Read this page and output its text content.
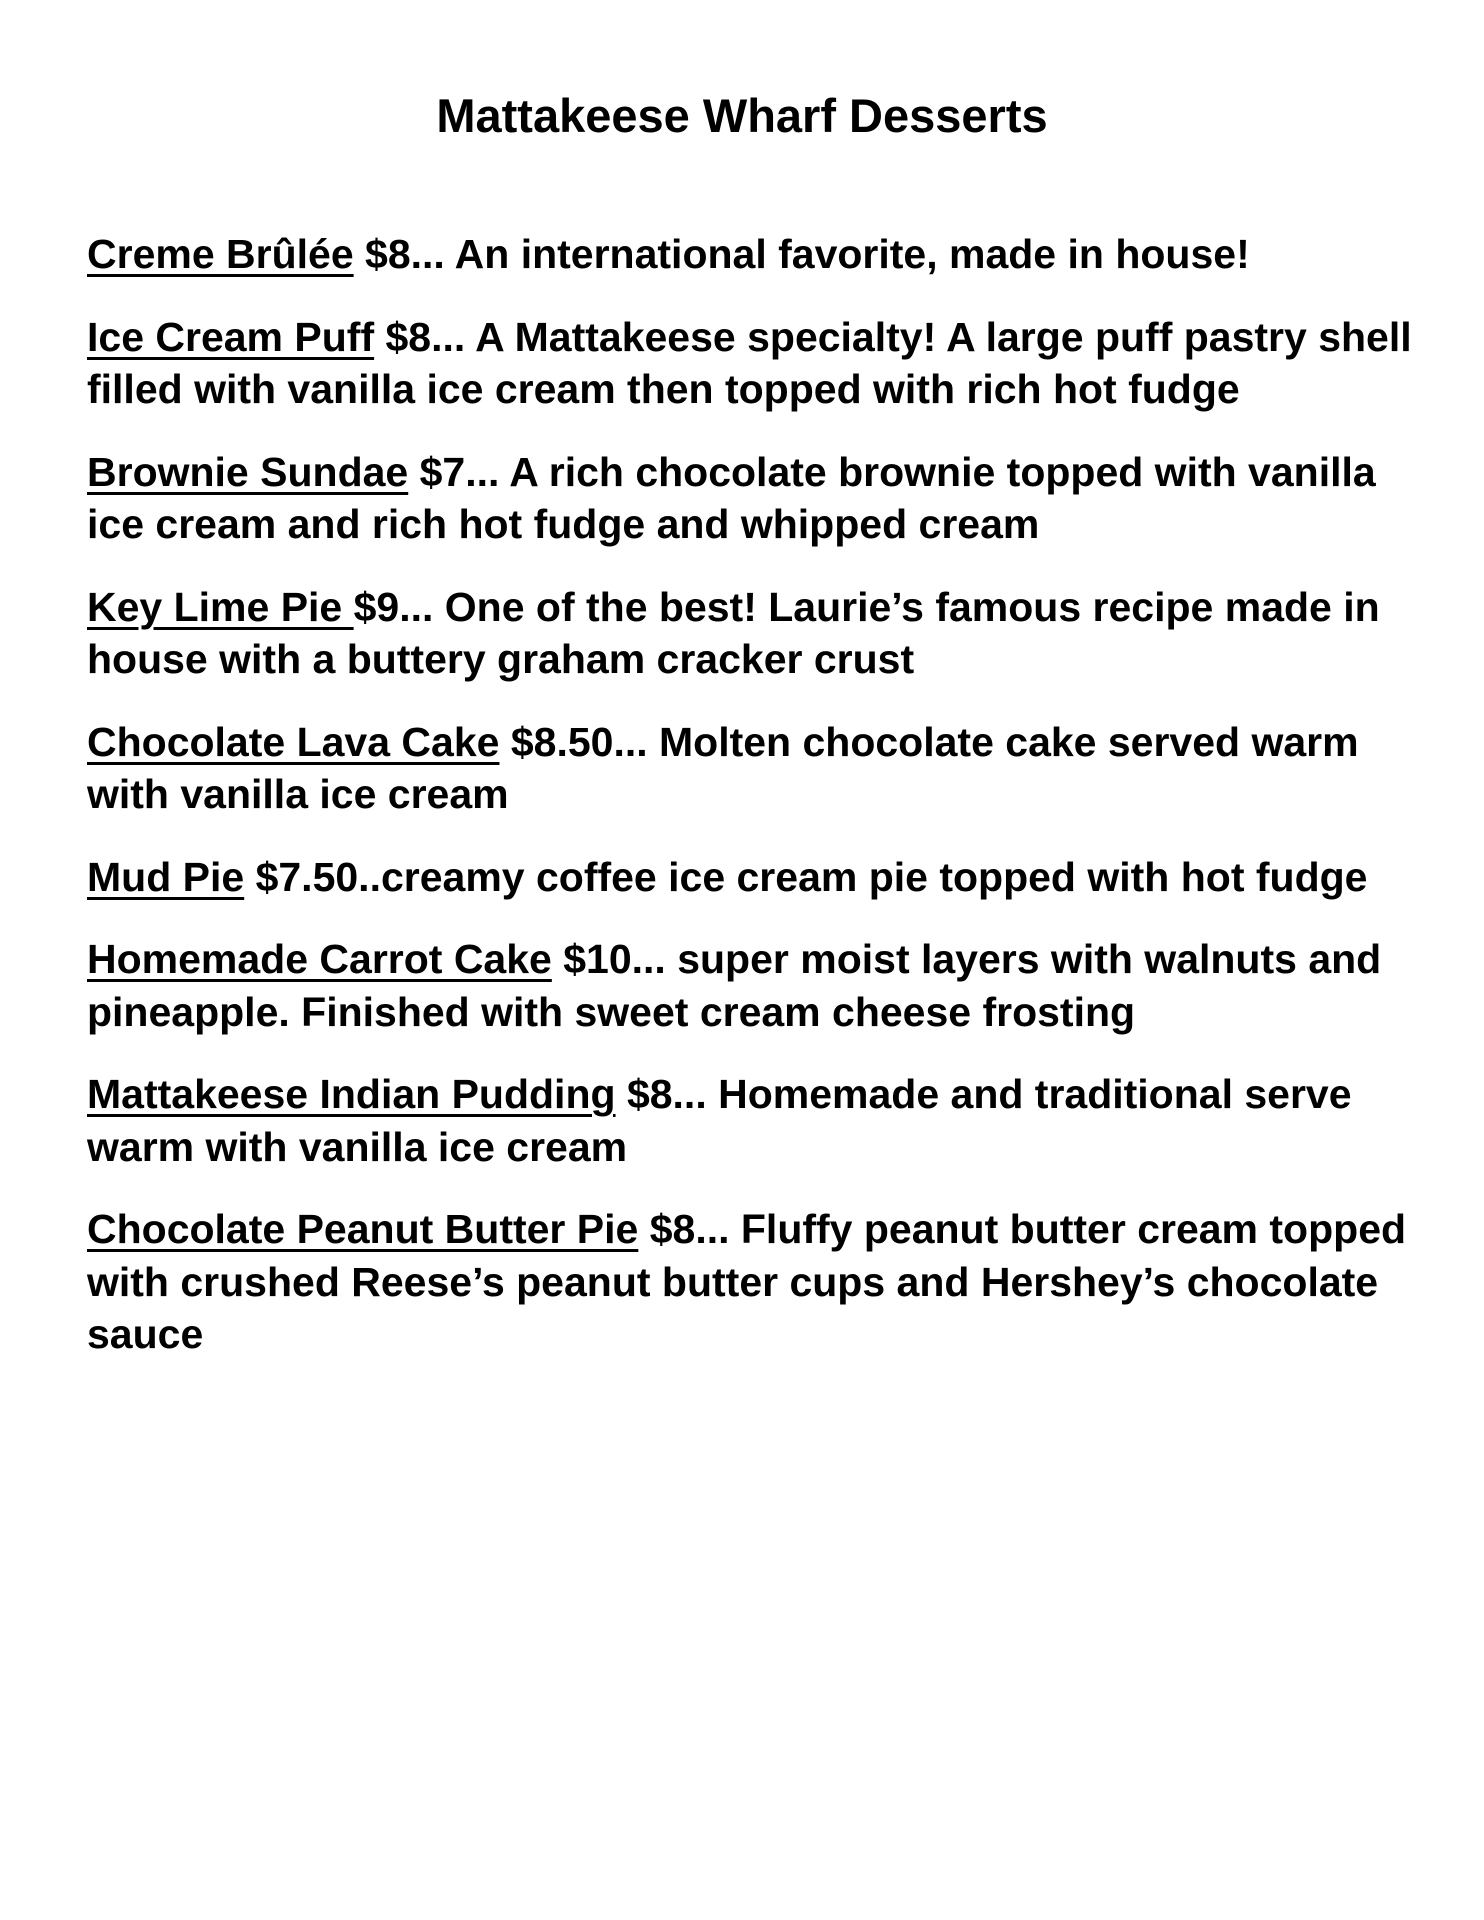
Mattakeese Wharf Desserts
Creme Brûlée $8... An international favorite, made in house!
Ice Cream Puff $8... A Mattakeese specialty! A large puff pastry shell filled with vanilla ice cream then topped with rich hot fudge
Brownie Sundae $7... A rich chocolate brownie topped with vanilla ice cream and rich hot fudge and whipped cream
Key Lime Pie $9... One of the best! Laurie’s famous recipe made in house with a buttery graham cracker crust
Chocolate Lava Cake $8.50... Molten chocolate cake served warm with vanilla ice cream
Mud Pie $7.50..creamy coffee ice cream pie topped with hot fudge
Homemade Carrot Cake $10... super moist layers with walnuts and pineapple. Finished with sweet cream cheese frosting
Mattakeese Indian Pudding $8... Homemade and traditional serve warm with vanilla ice cream
Chocolate Peanut Butter Pie $8... Fluffy peanut butter cream topped with crushed Reese’s peanut butter cups and Hershey’s chocolate sauce
